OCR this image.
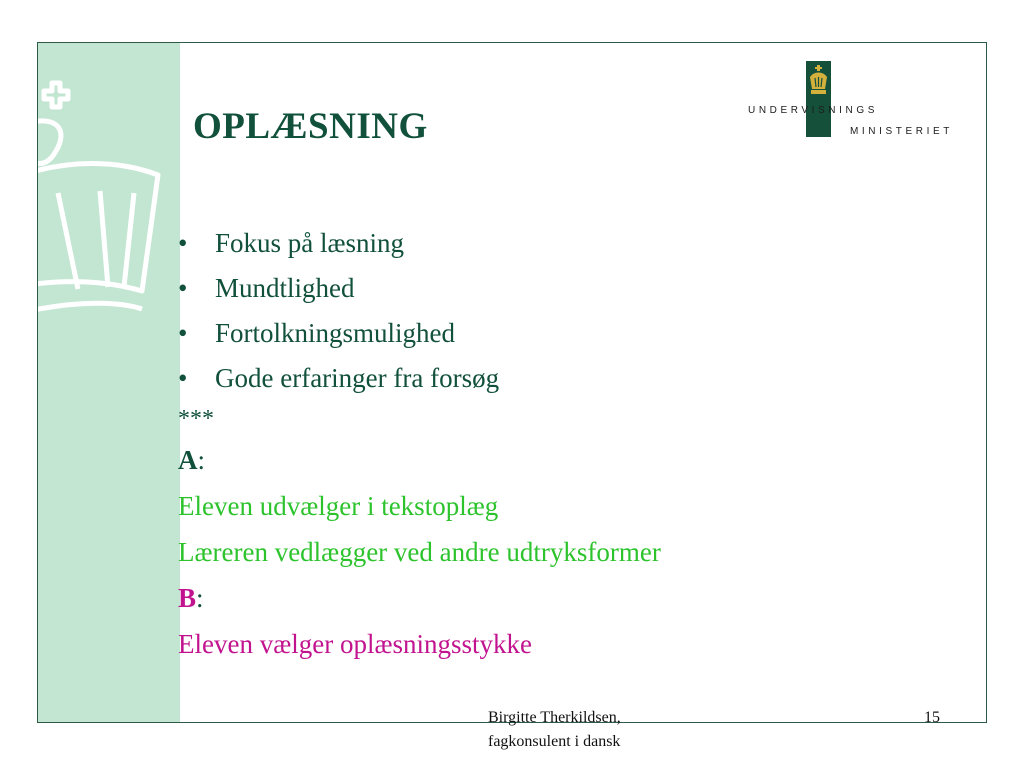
OPLÆSNING	UNDERVISNINGS
MINISTERIET
• Fokus på læsning
• Mundtlighed
• Fortolkningsmulighed
• Gode erfaringer fra forsøg

***

A:

Eleven udvælger i tekstoplæg

Læreren vedlægger ved andre udtryksformer

B:

Eleven vælger oplæsningsstykke

Birgitte Therkildsen,
fagkonsulent i dansk
15
